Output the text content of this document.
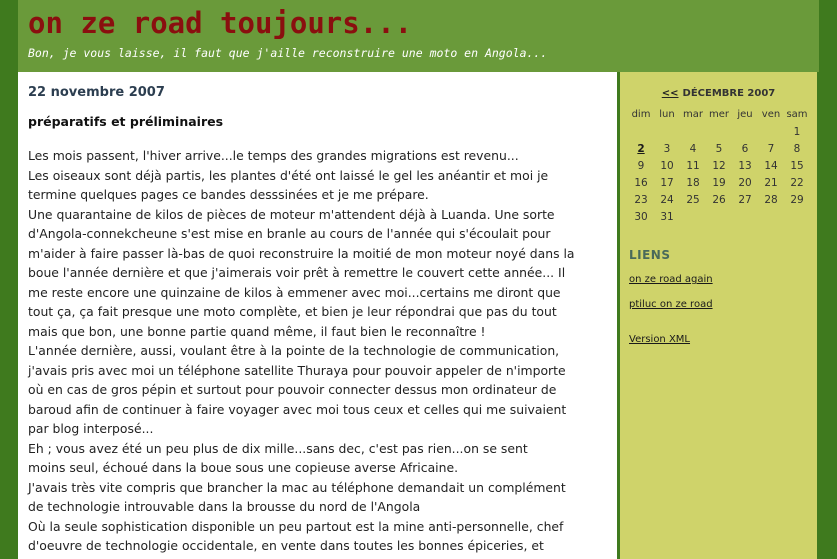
on ze road toujours...
Bon, je vous laisse, il faut que j'aille reconstruire une moto en Angola...
22 novembre 2007
préparatifs et préliminaires

Les mois passent, l'hiver arrive...le temps des grandes migrations est revenu...

Les oiseaux sont déjà partis, les plantes d'été ont laissé le gel les anéantir et moi je

termine quelques pages ce bandes desssinées et je me prépare.

Une quarantaine de kilos de pièces de moteur m'attendent déjà à Luanda. Une sorte

d'Angola-connekcheune s'est mise en branle au cours de l'année qui s'écoulait pour

m'aider à faire passer là-bas de quoi reconstruire la moitié de mon moteur noyé dans la

boue l'année dernière et que j'aimerais voir prêt à remettre le couvert cette année... Il

me reste encore une quinzaine de kilos à emmener avec moi...certains me diront que

tout ça, ça fait presque une moto complète, et bien je leur répondrai que pas du tout

mais que bon, une bonne partie quand même, il faut bien le reconnaître !

L'année dernière, aussi, voulant être à la pointe de la technologie de communication,

j'avais pris avec moi un téléphone satellite Thuraya pour pouvoir appeler de n'importe

où en cas de gros pépin et surtout pour pouvoir connecter dessus mon ordinateur de

baroud afin de continuer à faire voyager avec moi tous ceux et celles qui me suivaient

par blog interposé...

Eh ; vous avez été un peu plus de dix mille...sans dec, c'est pas rien...on se sent

moins seul, échoué dans la boue sous une copieuse averse Africaine.

J'avais très vite compris que brancher la mac au téléphone demandait un complément

de technologie introuvable dans la brousse du nord de l'Angola

Où la seule sophistication disponible un peu partout est la mine anti-personnelle, chef

d'oeuvre de technologie occidentale, en vente dans toutes les bonnes épiceries, et

<< DÉCEMBRE 2007
dim	lun	mar	mer	jeu	ven	sam
						1
2	3	4	5	6	7	8
9	10	11	12	13	14	15
16	17	18	19	20	21	22
23	24	25	26	27	28	29
30	31					
LIENS
on ze road again
ptiluc on ze road
Version XML
